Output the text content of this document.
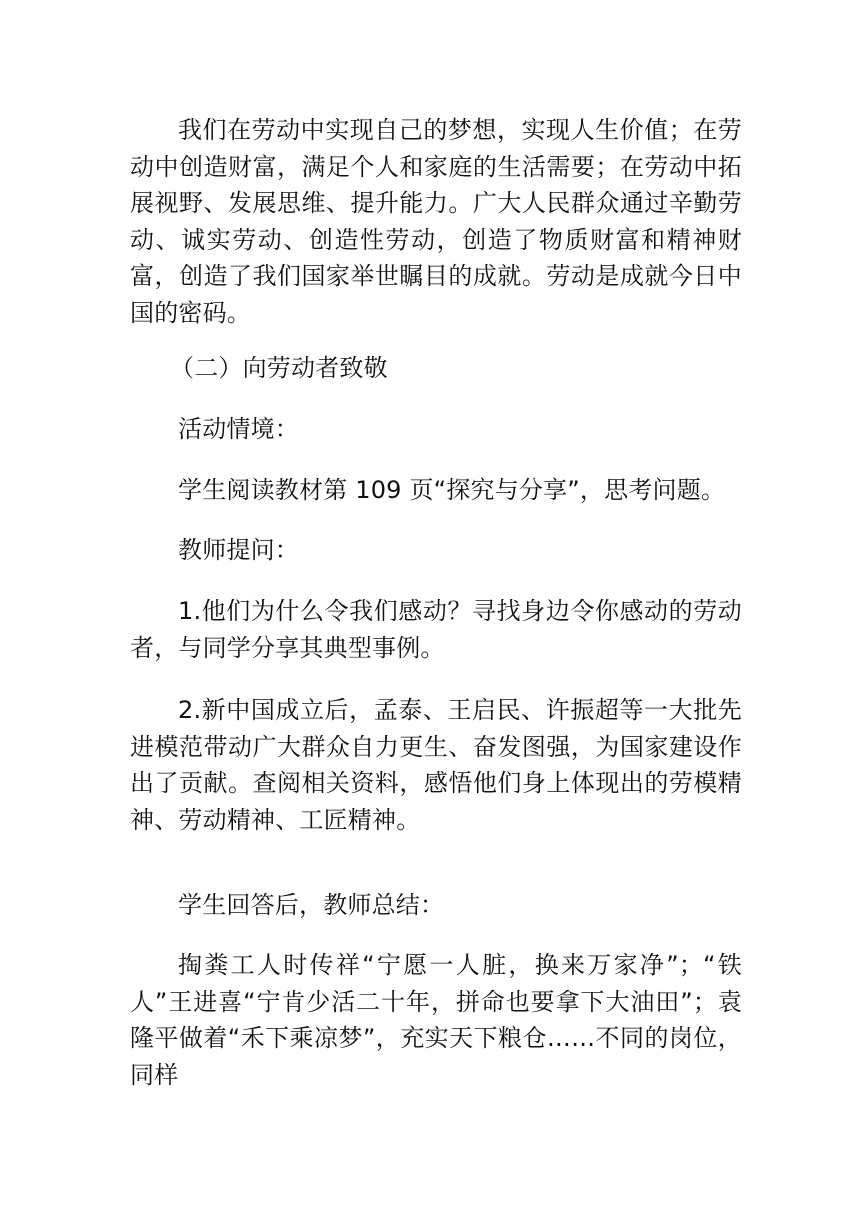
我们在劳动中实现自己的梦想，实现人生价值；在劳动中创造财富，满足个人和家庭的生活需要；在劳动中拓展视野、发展思维、提升能力。广大人民群众通过辛勤劳动、诚实劳动、创造性劳动，创造了物质财富和精神财富，创造了我们国家举世瞩目的成就。劳动是成就今日中国的密码。

（二）向劳动者致敬

活动情境：

学生阅读教材第 109 页“探究与分享”，思考问题。

教师提问：

1.他们为什么令我们感动？寻找身边令你感动的劳动者，与同学分享其典型事例。

2.新中国成立后，孟泰、王启民、许振超等一大批先进模范带动广大群众自力更生、奋发图强，为国家建设作出了贡献。查阅相关资料，感悟他们身上体现出的劳模精神、劳动精神、工匠精神。

学生回答后，教师总结：

掏粪工人时传祥“宁愿一人脏，换来万家净”；“铁人”王进喜“宁肯少活二十年，拼命也要拿下大油田”；袁隆平做着“禾下乘凉梦”，充实天下粮仓……不同的岗位，同样
